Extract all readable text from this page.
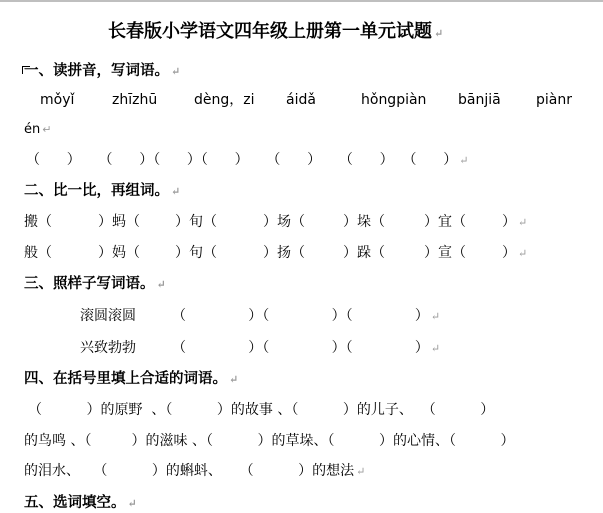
长春版小学语文四年级上册第一单元试题 ↵
一、读拼音，写词语。 ↵
mǒyǐ	zhīzhū	dèng，zi áidǎ	hǒngpiàn bānjiā	piànr
én ↵
（      ）    （      ）（      ）（      ）    （      ）    （      ）  （      ） ↵
二、比一比，再组词。 ↵
搬（	）蚂（	）旬（	）场（	）垛（	）宜（	） ↵
般（	）妈（	）句（	）扬（	）跺（	）宣（	） ↵
三、照样子写词语。 ↵
滚圆滚圆	（              ）（              ）（              ） ↵
兴致勃勃	（              ）（              ）（              ） ↵
四、在括号里填上合适的词语。 ↵
（          ）的原野  、（          ）的故事 、（          ）的儿子、  （          ）
的鸟鸣 、（         ）的滋味 、（          ）的草垛、（          ）的心情、（          ）
的泪水、   （          ）的蝌蚪、    （          ）的想法 ↵
五、选词填空。 ↵
